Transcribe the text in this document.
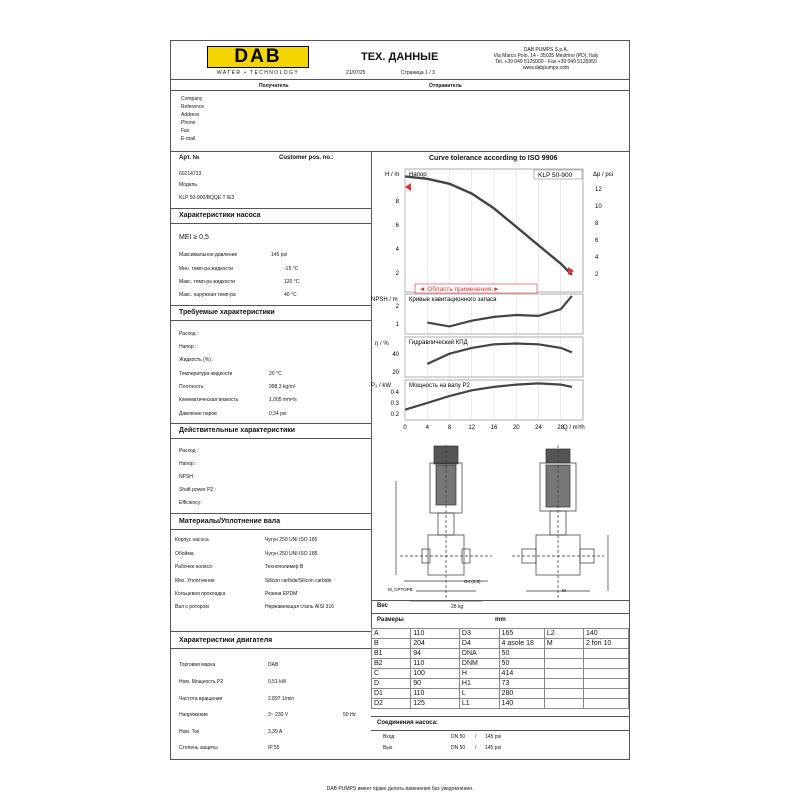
DAB
WATER • TECHNOLOGY
ТЕХ. ДАННЫЕ
21/07/25	Страница 1 / 3
DAB PUMPS S.p.A.
Via Marco Polo, 14 - 35035 Mestrino (PD), Italy
Tel. +39 049 5125000 - Fax +39 049 5125950
www.dabpumps.com
Получатель	Отправитель
Company
Reference
Address
Phone
Fax
E-mail
Арт. №	Customer pos. no.:
60214733
Модель
KLP 50-900/BQQE T IE3
Характеристики насоса
MEI ≥ 0,5
Максимальное давление	145 psi
Мин. темп-ра жидкости	-15 °C
Макс. темп-ра жидкости	120 °C
Макс. наружная темп-ра	40 °C
Требуемые характеристики
Расход :
Напор :
Жидкость (%) :
Температура жидкости	20 °C
Плотность:	998,3 kg/m³
Кинематическая вязкость	1,005 mm²/s
Давление паров	0,34 psi
Действительные характеристики
Расход :
Напор :
NPSH :
Shaft power P2 :
Efficiency:
Материалы/Уплотнение вала
Корпус насоса	Чугун 250 UNI ISO 185
Обойма	Чугун 250 UNI ISO 185
Рабочее колесо	Технополимер B
Мех. Уплотнение	Silicon carbide/Silicon carbide
Кольцевая прокладка	Резина EPDM
Вал с ротором	Нержавеющая сталь AISI 316
Характеристики двигателя
Торговая марка	DAB
Ном. Мощность P2	0,51 kW
Частота вращения	2.897 1/min
Напряжение	3~ 230 V	50 Hz
Ном. Ток	3,39 A
Степень защиты	IP 55
Curve tolerance according to ISO 9906
H / m	Δp / psi
Напор	KLP 50-900
8
6
4
2
12
10
8
6
4
2
◄ Область применения ►
NPSH / m Кривые кавитационного запаса
2
1
η / %	Гидравлический КПД
40
20
P₂ / kW	Мощность на валу P2
0.4
0.3
0.2
0	4	8	12	16	20	24	28
Q / m³/h
M_CPTOPB
G4 (0,5)
M
Вес	28 kg
Размеры	mm
A	110	D3	165	L2	140
B	204	D4	4 asole 18	M	2 fori 10
B1	94	DNA	50		
B2	110	DNM	50		
C	100	H	414		
D	90	H1	73		
D1	110	L	280		
D2	125	L1	140		
Соединения насоса:
Вход	DN 50 / 145 psi
Вых	DN 50 / 145 psi
DAB PUMPS имеет право делать изменения без уведомления.
